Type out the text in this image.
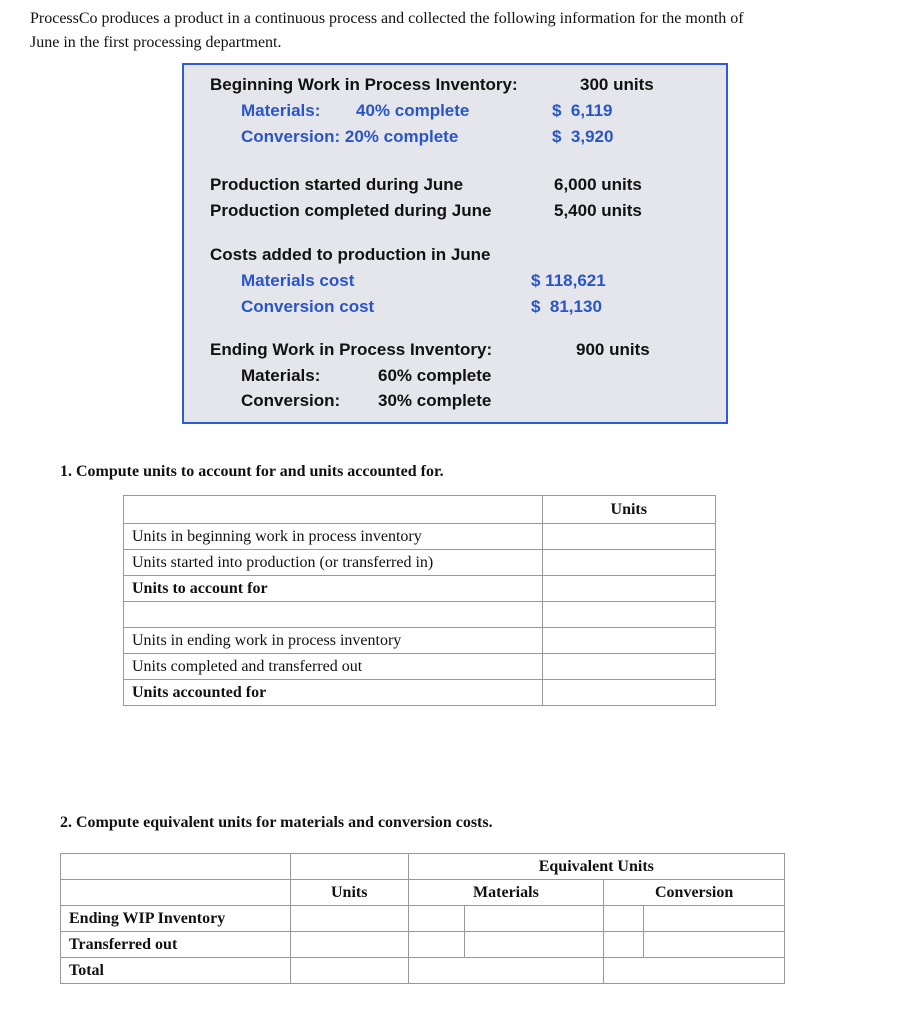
ProcessCo produces a product in a continuous process and collected the following information for the month of
June in the first processing department.
Beginning Work in Process Inventory:	300 units
Materials: 40% complete	$  6,119
Conversion: 20% complete	$  3,920
Production started during June	6,000 units
Production completed during June	5,400 units
Costs added to production in June
Materials cost	$ 118,621
Conversion cost	$  81,130
Ending Work in Process Inventory:	900 units
Materials:	60% complete
Conversion: 30% complete
1. Compute units to account for and units accounted for.
	Units
Units in beginning work in process inventory	
Units started into production (or transferred in)	
Units to account for	

Units in ending work in process inventory	
Units completed and transferred out	
Units accounted for	
2. Compute equivalent units for materials and conversion costs.
		Equivalent Units			
	Units	Materials		Conversion	
Ending WIP Inventory					
Transferred out					
Total					
